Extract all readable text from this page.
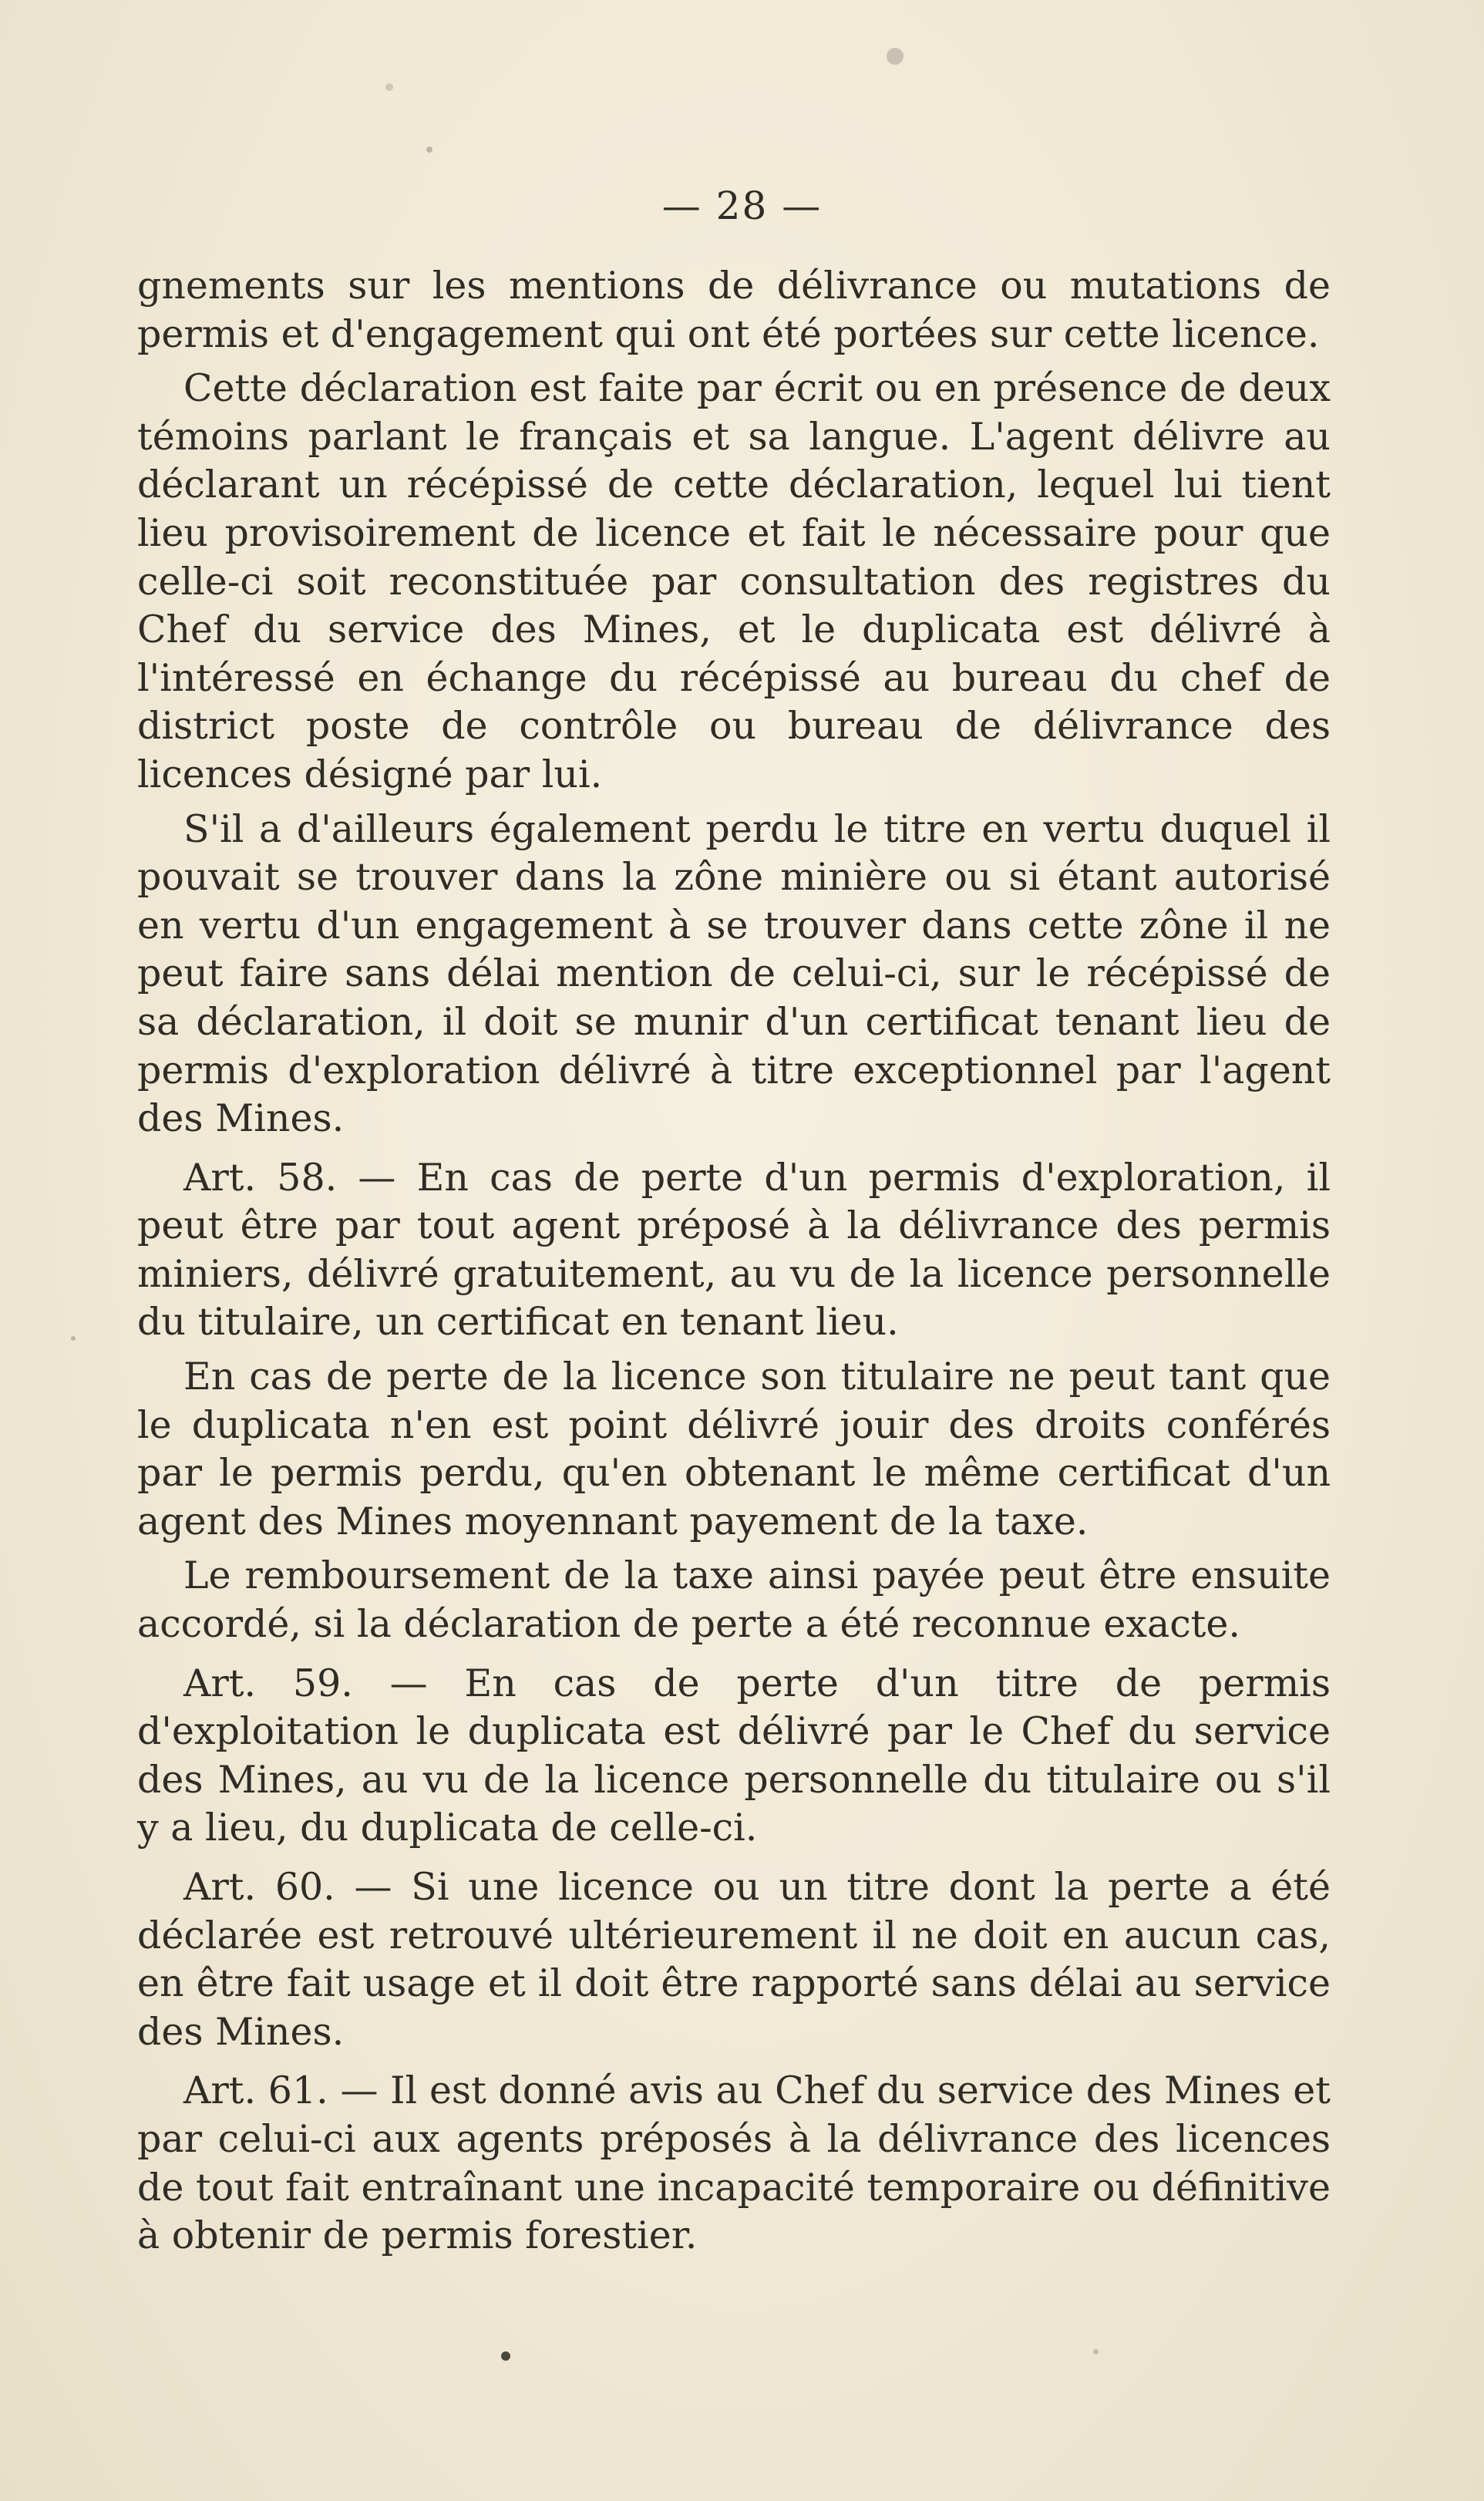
— 28 —

gnements sur les mentions de délivrance ou mutations de permis et d'engagement qui ont été portées sur cette licence.

Cette déclaration est faite par écrit ou en présence de deux témoins parlant le français et sa langue. L'agent délivre au déclarant un récépissé de cette déclaration, lequel lui tient lieu provisoirement de licence et fait le nécessaire pour que celle-ci soit reconstituée par consultation des registres du Chef du service des Mines, et le duplicata est délivré à l'intéressé en échange du récépissé au bureau du chef de district poste de contrôle ou bureau de délivrance des licences désigné par lui.

S'il a d'ailleurs également perdu le titre en vertu duquel il pouvait se trouver dans la zône minière ou si étant autorisé en vertu d'un engagement à se trouver dans cette zône il ne peut faire sans délai mention de celui-ci, sur le récépissé de sa déclaration, il doit se munir d'un certificat tenant lieu de permis d'exploration délivré à titre exceptionnel par l'agent des Mines.

Art. 58. — En cas de perte d'un permis d'exploration, il peut être par tout agent préposé à la délivrance des permis miniers, délivré gratuitement, au vu de la licence personnelle du titulaire, un certificat en tenant lieu.

En cas de perte de la licence son titulaire ne peut tant que le duplicata n'en est point délivré jouir des droits conférés par le permis perdu, qu'en obtenant le même certificat d'un agent des Mines moyennant payement de la taxe.

Le remboursement de la taxe ainsi payée peut être ensuite accordé, si la déclaration de perte a été reconnue exacte.

Art. 59. — En cas de perte d'un titre de permis d'exploitation le duplicata est délivré par le Chef du service des Mines, au vu de la licence personnelle du titulaire ou s'il y a lieu, du duplicata de celle-ci.

Art. 60. — Si une licence ou un titre dont la perte a été déclarée est retrouvé ultérieurement il ne doit en aucun cas, en être fait usage et il doit être rapporté sans délai au service des Mines.

Art. 61. — Il est donné avis au Chef du service des Mines et par celui-ci aux agents préposés à la délivrance des licences de tout fait entraînant une incapacité temporaire ou définitive à obtenir de permis forestier.
